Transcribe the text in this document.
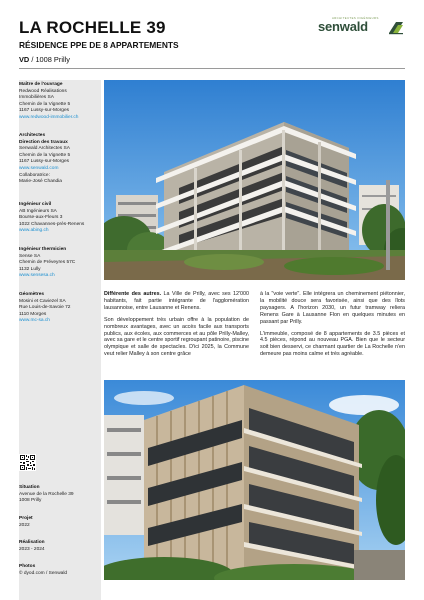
LA ROCHELLE 39
RÉSIDENCE PPE DE 8 APPARTEMENTS
VD / 1008 Prilly
ARCHITECTES INGÉNIEURS
senwald
Maître de l'ouvrage
Redwood Réalisations
Immobilières SA
Chemin de la Vignette 5
1167 Lussy-sur-Morges
www.redwood-immobilier.ch
Architectes
Direction des travaux
Senwald Architectes SA
Chemin de la Vignette 5
1167 Lussy-sur-Morges
www.senwald.com
Collaboratrice:
Marie-José Chandia
Ingénieur civil
AB Ingénieurs SA
Bourse-aux-Fleurs 3
1022 Chavannes-près-Renens
www.abing.ch
Ingénieur thermicien
Sense SA
Chemin de Préveyres 57C
1132 Lully
www.sensesa.ch
Géomètres
Mosini et Caviezel SA
Rue Louis-de-Savoie 72
1110 Morges
www.mc-sa.ch
Situation
Avenue de la Rochelle 39
1008 Prilly
Projet
2022
Réalisation
2023 - 2024
Photos
© dyod.com / Senwald

Différente des autres. La Ville de Prilly, avec ses 12'000 habitants, fait partie intégrante de l'agglomération lausannoise, entre Lausanne et Renens.

Son développement très urbain offre à la population de nombreux avantages, avec un accès facile aux transports publics, aux écoles, aux commerces et au pôle Prilly-Malley, avec sa gare et le centre sportif regroupant patinoire, piscine olympique et salle de spectacles. D'ici 2025, la Commune veut relier Malley à son centre grâce

à la "voie verte". Elle intégrera un cheminement piétonnier, la mobilité douce sera favorisée, ainsi que des îlots paysagers. A l'horizon 2030, un futur tramway reliera Renens Gare à Lausanne Flon en quelques minutes en passant par Prilly.

L'immeuble, composé de 8 appartements de 3.5 pièces et 4.5 pièces, répond au nouveau PGA. Bien que le secteur soit bien desservi, ce charmant quartier de La Rochelle n'en demeure pas moins calme et très agréable.
